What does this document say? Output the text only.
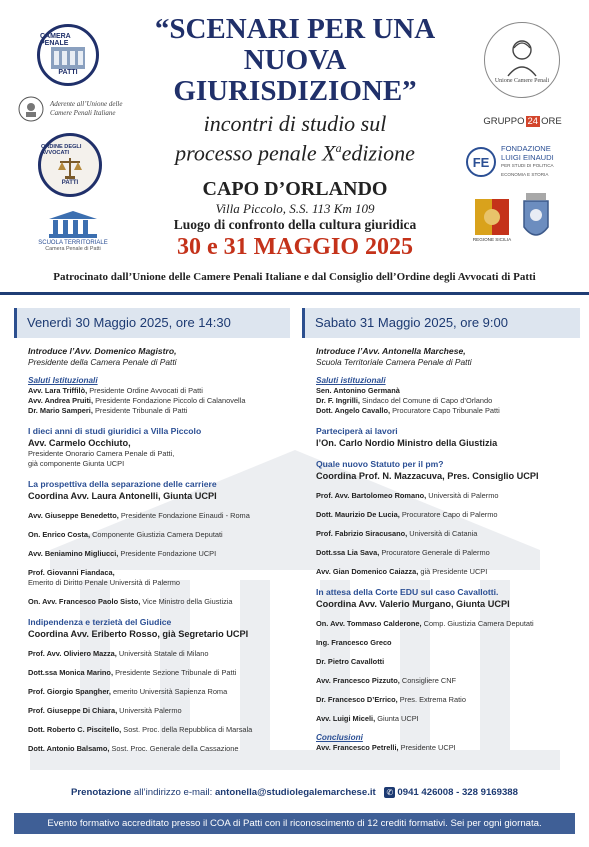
CAMERA PENALE
PATTI
Aderente all’Unione delle
Camere Penali Italiane
ORDINE DEGLI AVVOCATI
PATTI
SCUOLA TERRITORIALE
Camera Penale di Patti
“SCENARI PER UNA
NUOVA
GIURISDIZIONE”
incontri di studio sul
processo penale $X^aedizione$
CAPO D’ORLANDO
Villa Piccolo, S.S. 113 Km 109
Luogo di confronto della cultura giuridica
30 e 31 MAGGIO 2025
Unione Camere Penali
GRUPPO 24 ORE
FE
FONDAZIONE
LUIGI EINAUDI
PER STUDI DI POLITICA
ECONOMIA E STORIA
REGIONE SICILIA
Patrocinato dall’Unione delle Camere Penali Italiane e dal Consiglio dell’Ordine degli Avvocati di Patti
Venerdì 30 Maggio 2025, ore 14:30
Introduce l’Avv. Domenico Magistro,
Presidente della Camera Penale di Patti
Saluti Istituzionali
Avv. Lara Triffilò, Presidente Ordine Avvocati di Patti
Avv. Andrea Pruiti, Presidente Fondazione Piccolo di Calanovella
Dr. Mario Samperi, Presidente Tribunale di Patti
I dieci anni di studi giuridici a Villa Piccolo
Avv. Carmelo Occhiuto,
Presidente Onorario Camera Penale di Patti,
già componente Giunta UCPI
La prospettiva della separazione delle carriere
Coordina Avv. Laura Antonelli, Giunta UCPI
Avv. Giuseppe Benedetto, Presidente Fondazione Einaudi - Roma
On. Enrico Costa, Componente Giustizia Camera Deputati
Avv. Beniamino Migliucci, Presidente Fondazione UCPI
Prof. Giovanni Fiandaca,
Emerito di Diritto Penale Università di Palermo
On. Avv. Francesco Paolo Sisto, Vice Ministro della Giustizia
Indipendenza e terzietà del Giudice
Coordina Avv. Eriberto Rosso, già Segretario UCPI
Prof. Avv. Oliviero Mazza, Università Statale di Milano
Dott.ssa Monica Marino, Presidente Sezione Tribunale di Patti
Prof. Giorgio Spangher, emerito Università Sapienza Roma
Prof. Giuseppe Di Chiara, Università Palermo
Dott. Roberto C. Piscitello, Sost. Proc. della Repubblica di Marsala
Dott. Antonio Balsamo, Sost. Proc. Generale della Cassazione
Sabato 31 Maggio 2025, ore 9:00
Introduce l’Avv. Antonella Marchese,
Scuola Territoriale Camera Penale di Patti
Saluti istituzionali
Sen. Antonino Germanà
Dr. F. Ingrilli, Sindaco del Comune di Capo d’Orlando
Dott. Angelo Cavallo, Procuratore Capo Tribunale Patti
Parteciperà ai lavori
l’On. Carlo Nordio Ministro della Giustizia
Quale nuovo Statuto per il pm?
Coordina Prof. N. Mazzacuva, Pres. Consiglio UCPI
Prof. Avv. Bartolomeo Romano, Università di Palermo
Dott. Maurizio De Lucia, Procuratore Capo di Palermo
Prof. Fabrizio Siracusano, Università di Catania
Dott.ssa Lia Sava, Procuratore Generale di Palermo
Avv. Gian Domenico Caiazza, già Presidente UCPI
In attesa della Corte EDU sul caso Cavallotti.
Coordina Avv. Valerio Murgano, Giunta UCPI
On. Avv. Tommaso Calderone, Comp. Giustizia Camera Deputati
Ing. Francesco Greco
Dr. Pietro Cavallotti
Avv. Francesco Pizzuto, Consigliere CNF
Dr. Francesco D’Errico, Pres. Extrema Ratio
Avv. Luigi Miceli, Giunta UCPI
Conclusioni
Avv. Francesco Petrelli, Presidente UCPI
Prenotazione all’indirizzo e-mail: antonella@studiolegalemarchese.it ✆ 0941 426008 - 328 9169388
Evento formativo accreditato presso il COA di Patti con il riconoscimento di 12 crediti formativi. Sei per ogni giornata.
